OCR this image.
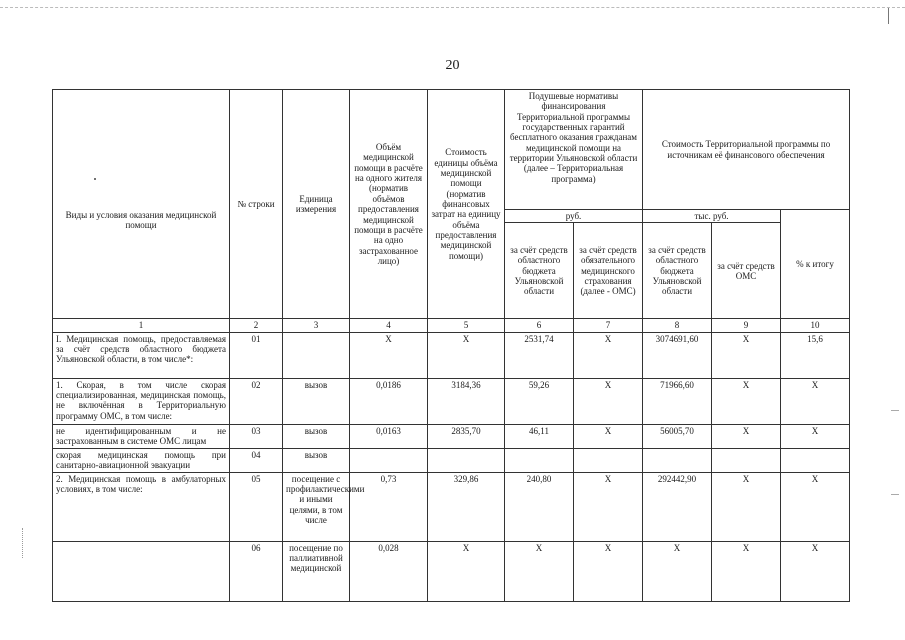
20
Виды и условия оказания медицинской помощи	№ строки	Единица измерения	Объём медицинской помощи в расчёте на одного жителя (норматив объёмов предоставления медицинской помощи в расчёте на одно застрахованное лицо)	Стоимость единицы объёма медицинской помощи (норматив финансовых затрат на единицу объёма предоставления медицинской помощи)	Подушевые нормативы финансирования Территориальной программы государственных гарантий бесплатного оказания гражданам медицинской помощи на территории Ульяновской области (далее – Территориальная программа)		Стоимость Территориальной программы по источникам её финансового обеспечения		
					руб.		тыс. руб.		% к итогу
					за счёт средств областного бюджета Ульяновской области	за счёт средств обязательного медицинского страхования (далее - ОМС)	за счёт средств областного бюджета Ульяновской области	за счёт средств ОМС	
1	2	3	4	5	6	7	8	9	10
I. Медицинская помощь, предоставляемая за счёт средств областного бюджета Ульяновской области, в том числе*:	01		X	X	2531,74	X	3074691,60	X	15,6
1. Скорая, в том числе скорая специализированная, медицинская помощь, не включённая в Территориальную программу ОМС, в том числе:	02	вызов	0,0186	3184,36	59,26	X	71966,60	X	X
не идентифицированным и не застрахованным в системе ОМС лицам	03	вызов	0,0163	2835,70	46,11	X	56005,70	X	X
скорая медицинская помощь при санитарно-авиационной эвакуации	04	вызов							
2. Медицинская помощь в амбулаторных условиях, в том числе:	05	посещение с профилактическими и иными целями, в том числе	0,73	329,86	240,80	X	292442,90	X	X
	06	посещение по паллиативной медицинской	0,028	X	X	X	X	X	X
